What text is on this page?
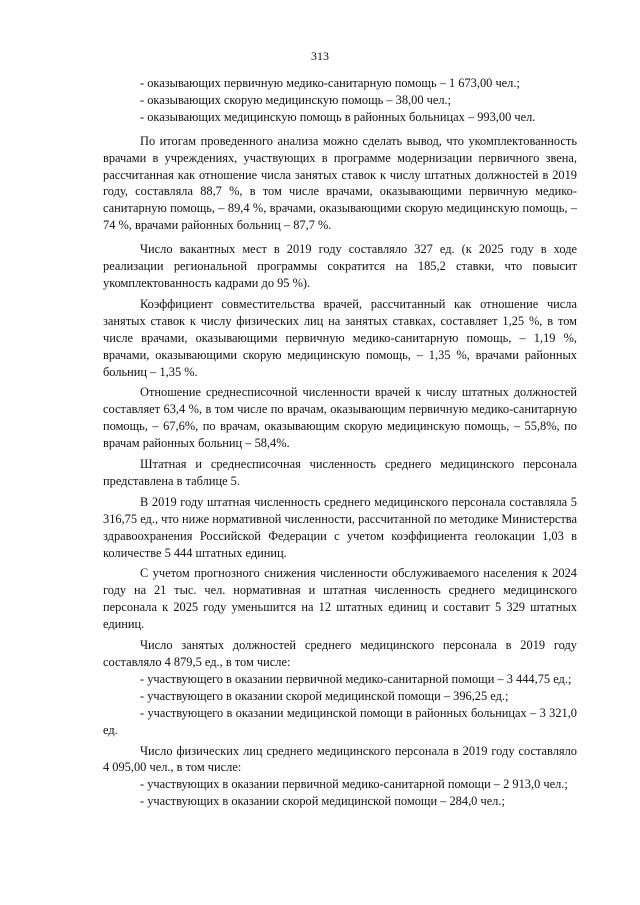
313

- оказывающих первичную медико-санитарную помощь – 1 673,00 чел.;

- оказывающих скорую медицинскую помощь – 38,00 чел.;

- оказывающих медицинскую помощь в районных больницах – 993,00 чел.

По итогам проведенного анализа можно сделать вывод, что укомплектованность врачами в учреждениях, участвующих в программе модернизации первичного звена, рассчитанная как отношение числа занятых ставок к числу штатных должностей в 2019 году, составляла 88,7 %, в том числе врачами, оказывающими первичную медико-санитарную помощь, – 89,4 %, врачами, оказывающими скорую медицинскую помощь, – 74 %, врачами районных больниц – 87,7 %.

Число вакантных мест в 2019 году составляло 327 ед. (к 2025 году в ходе реализации региональной программы сократится на 185,2 ставки, что повысит укомплектованность кадрами до 95 %).

Коэффициент совместительства врачей, рассчитанный как отношение числа занятых ставок к числу физических лиц на занятых ставках, составляет 1,25 %, в том числе врачами, оказывающими первичную медико-санитарную помощь, – 1,19 %, врачами, оказывающими скорую медицинскую помощь, – 1,35 %, врачами районных больниц – 1,35 %.

Отношение среднесписочной численности врачей к числу штатных должностей составляет 63,4 %, в том числе по врачам, оказывающим первичную медико-санитарную помощь, – 67,6%, по врачам, оказывающим скорую медицинскую помощь, – 55,8%, по врачам районных больниц – 58,4%.

Штатная и среднесписочная численность среднего медицинского персонала представлена в таблице 5.

В 2019 году штатная численность среднего медицинского персонала составляла 5 316,75 ед., что ниже нормативной численности, рассчитанной по методике Министерства здравоохранения Российской Федерации с учетом коэффициента геолокации 1,03 в количестве 5 444 штатных единиц.

С учетом прогнозного снижения численности обслуживаемого населения к 2024 году на 21 тыс. чел. нормативная и штатная численность среднего медицинского персонала к 2025 году уменьшится на 12 штатных единиц и составит 5 329 штатных единиц.

Число занятых должностей среднего медицинского персонала в 2019 году составляло 4 879,5 ед., в том числе:

- участвующего в оказании первичной медико-санитарной помощи – 3 444,75 ед.;

- участвующего в оказании скорой медицинской помощи – 396,25 ед.;

- участвующего в оказании медицинской помощи в районных больницах – 3 321,0 ед.

Число физических лиц среднего медицинского персонала в 2019 году составляло 4 095,00 чел., в том числе:

- участвующих в оказании первичной медико-санитарной помощи – 2 913,0 чел.;

- участвующих в оказании скорой медицинской помощи – 284,0 чел.;
